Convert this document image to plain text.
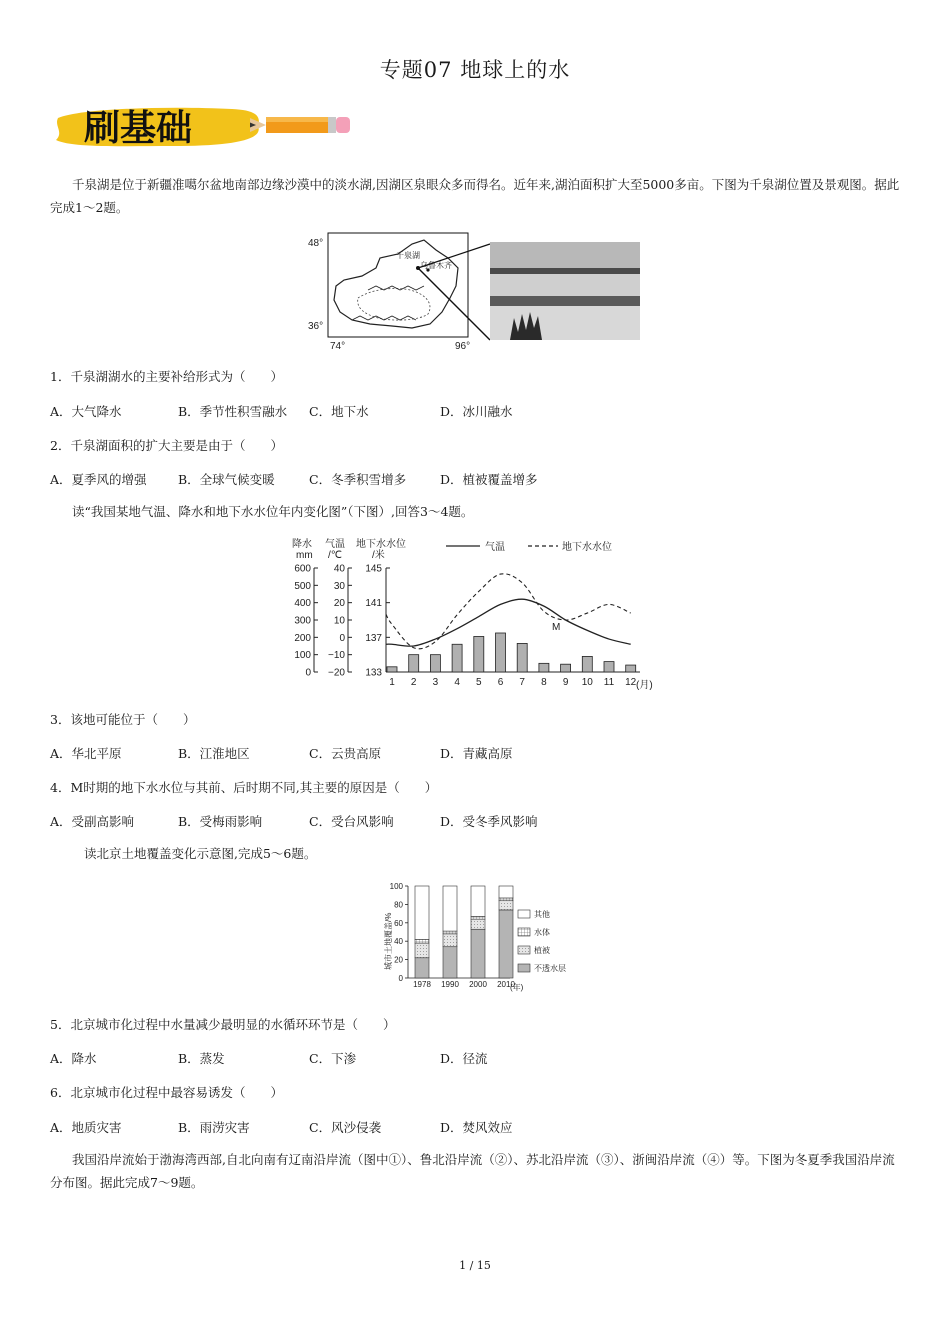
专题07 地球上的水
刷基础
千泉湖是位于新疆准噶尔盆地南部边缘沙漠中的淡水湖,因湖区泉眼众多而得名。近年来,湖泊面积扩大至5000多亩。下图为千泉湖位置及景观图。据此完成1～2题。
48°
36°
74°	96°
千泉湖
乌鲁木齐
1．千泉湖湖水的主要补给形式为（　　）
A．大气降水	B．季节性积雪融水 C．地下水	D．冰川融水
2．千泉湖面积的扩大主要是由于（　　）
A．夏季风的增强	B．全球气候变暖	C．冬季积雪增多	D．植被覆盖增多
读“我国某地气温、降水和地下水水位年内变化图”（下图）,回答3～4题。
降水
mm
气温
/℃
地下水水位
/米
气温	地下水水位
600
500
400
300
200
100
0
40
30
20
10
0
−10
−20
145
141
137
133
1 2 3 4 5 6 7 8 9 10 11 12
M
(月)
3．该地可能位于（　　）
A．华北平原	B．江淮地区	C．云贵高原	D．青藏高原
4．M时期的地下水水位与其前、后时期不同,其主要的原因是（　　）
A．受副高影响	B．受梅雨影响	C．受台风影响	D．受冬季风影响
读北京土地覆盖变化示意图,完成5～6题。
城市土地覆盖/%
100
80
60
40
20
0
1978 1990 2000 2010
其他
水体
植被
不透水层
(年)
5．北京城市化过程中水量减少最明显的水循环环节是（　　）
A．降水	B．蒸发	C．下渗	D．径流
6．北京城市化过程中最容易诱发（　　）
A．地质灾害	B．雨涝灾害	C．风沙侵袭	D．焚风效应
我国沿岸流始于渤海湾西部,自北向南有辽南沿岸流（图中①）、鲁北沿岸流（②）、苏北沿岸流（③）、浙闽沿岸流（④）等。下图为冬夏季我国沿岸流分布图。据此完成7～9题。
1 / 15
